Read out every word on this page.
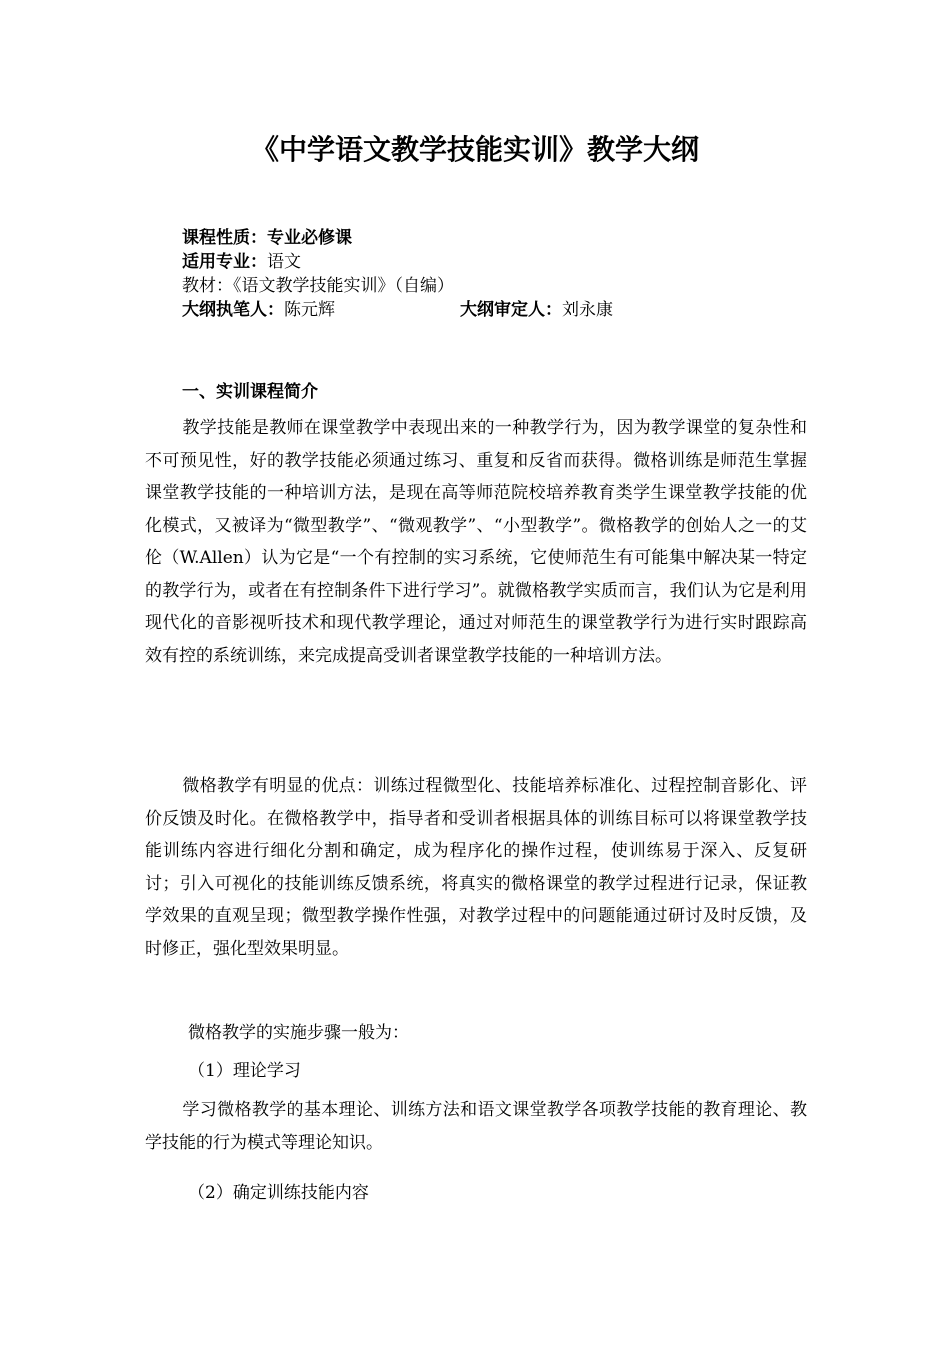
《中学语文教学技能实训》教学大纲
课程性质：专业必修课
适用专业：语文
教材：《语文教学技能实训》（自编）
大纲执笔人：陈元辉	大纲审定人：刘永康
一、实训课程简介
教学技能是教师在课堂教学中表现出来的一种教学行为，因为教学课堂的复杂性和不可预见性，好的教学技能必须通过练习、重复和反省而获得。微格训练是师范生掌握课堂教学技能的一种培训方法，是现在高等师范院校培养教育类学生课堂教学技能的优化模式，又被译为“微型教学”、“微观教学”、“小型教学”。微格教学的创始人之一的艾伦（W.Allen）认为它是“一个有控制的实习系统，它使师范生有可能集中解决某一特定的教学行为，或者在有控制条件下进行学习”。就微格教学实质而言，我们认为它是利用现代化的音影视听技术和现代教学理论，通过对师范生的课堂教学行为进行实时跟踪高效有控的系统训练，来完成提高受训者课堂教学技能的一种培训方法。
微格教学有明显的优点：训练过程微型化、技能培养标准化、过程控制音影化、评价反馈及时化。在微格教学中，指导者和受训者根据具体的训练目标可以将课堂教学技能训练内容进行细化分割和确定，成为程序化的操作过程，使训练易于深入、反复研讨；引入可视化的技能训练反馈系统，将真实的微格课堂的教学过程进行记录，保证教学效果的直观呈现；微型教学操作性强，对教学过程中的问题能通过研讨及时反馈，及时修正，强化型效果明显。
微格教学的实施步骤一般为：
（1）理论学习
学习微格教学的基本理论、训练方法和语文课堂教学各项教学技能的教育理论、教学技能的行为模式等理论知识。
（2）确定训练技能内容
